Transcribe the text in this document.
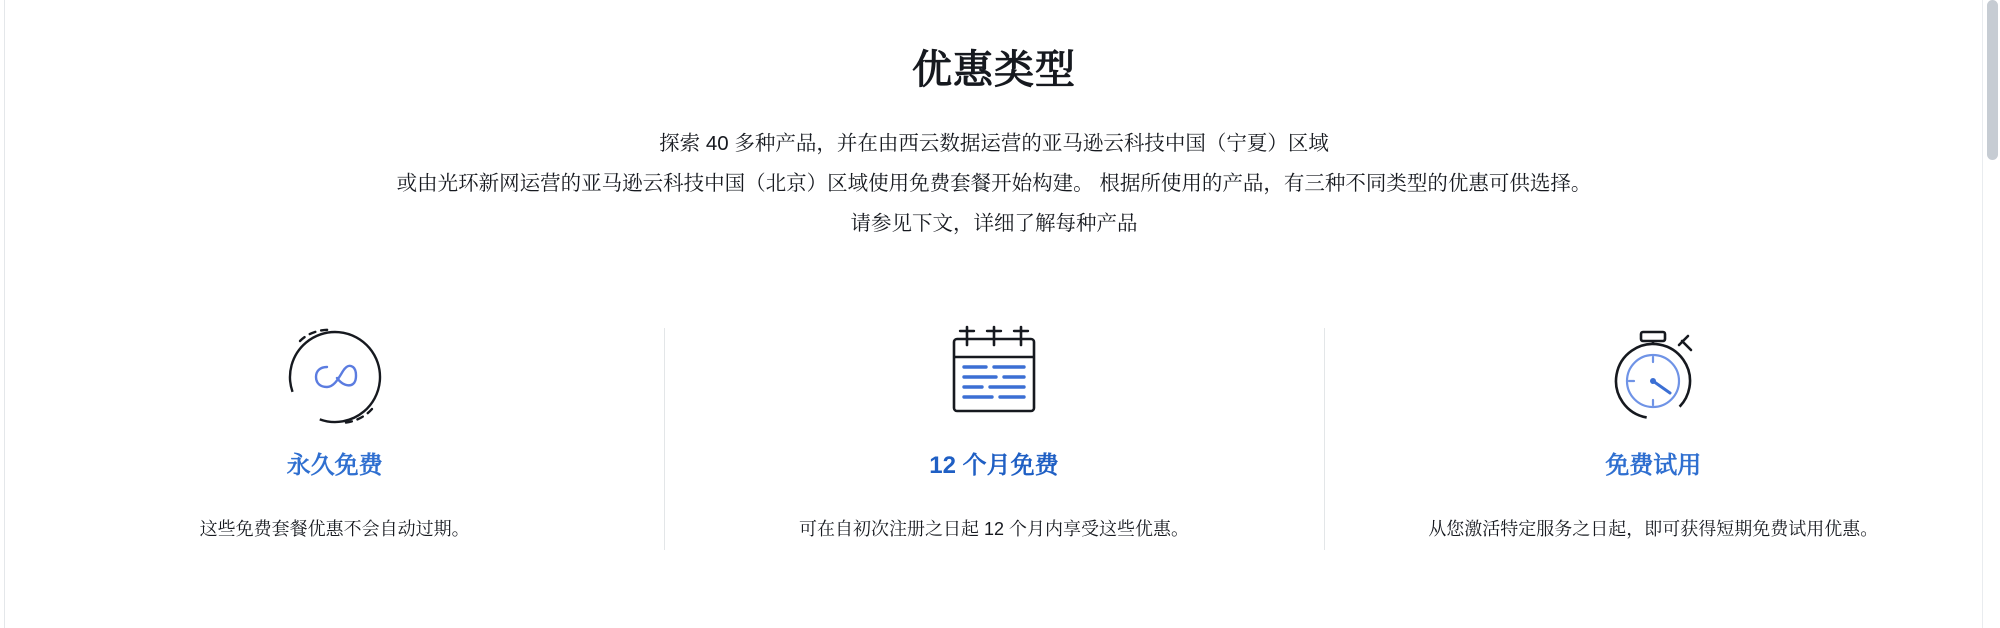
优惠类型
探索 40 多种产品，并在由西云数据运营的亚马逊云科技中国（宁夏）区域
或由光环新网运营的亚马逊云科技中国（北京）区域使用免费套餐开始构建。 根据所使用的产品，有三种不同类型的优惠可供选择。
请参见下文，详细了解每种产品
永久免费
这些免费套餐优惠不会自动过期。
12 个月免费
可在自初次注册之日起 12 个月内享受这些优惠。
免费试用
从您激活特定服务之日起，即可获得短期免费试用优惠。
